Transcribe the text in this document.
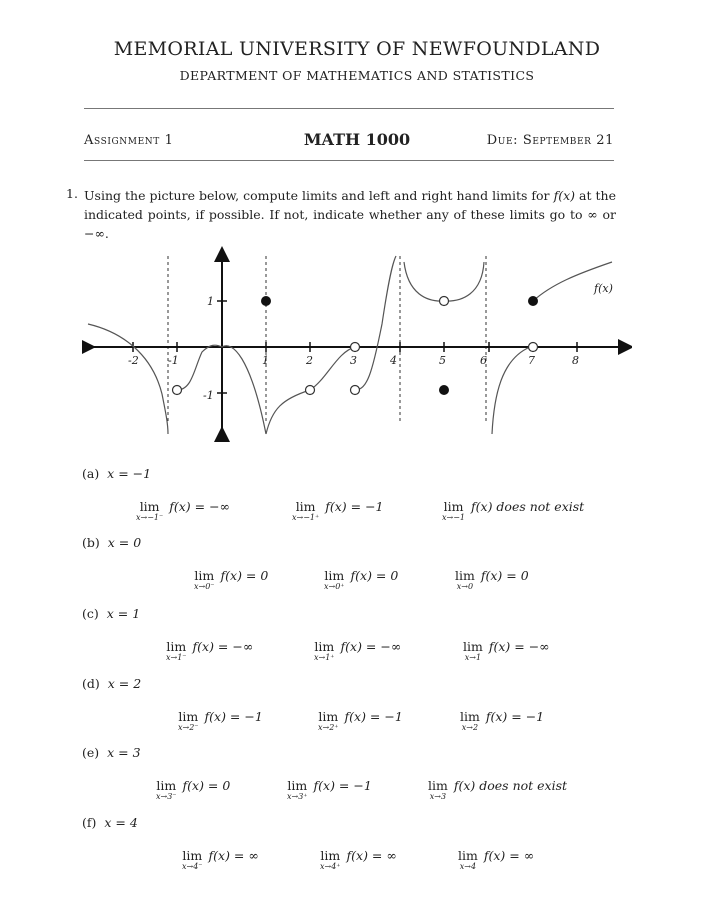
MEMORIAL UNIVERSITY OF NEWFOUNDLAND
DEPARTMENT OF MATHEMATICS AND STATISTICS
Assignment 1	MATH 1000	Due: September 21
1. Using the picture below, compute limits and left and right hand limits for f(x) at the indicated points, if possible. If not, indicate whether any of these limits go to ∞ or −∞.
-2	-1	1	2	3	4	5	6	7	8
1
-1
f(x)
(a) x = −1
lim
x→−1⁻
f(x) = −∞	lim
x→−1⁺
f(x) = −1	lim
x→−1
f(x) does not exist
(b) x = 0
lim
x→0⁻
f(x) = 0	lim
x→0⁺
f(x) = 0	lim
x→0
f(x) = 0
(c) x = 1
lim
x→1⁻
f(x) = −∞	lim
x→1⁺
f(x) = −∞	lim
x→1
f(x) = −∞
(d) x = 2
lim
x→2⁻
f(x) = −1	lim
x→2⁺
f(x) = −1	lim
x→2
f(x) = −1
(e) x = 3
lim
x→3⁻
f(x) = 0	lim
x→3⁺
f(x) = −1	lim
x→3
f(x) does not exist
(f) x = 4
lim
x→4⁻
f(x) = ∞	lim
x→4⁺
f(x) = ∞	lim
x→4
f(x) = ∞
